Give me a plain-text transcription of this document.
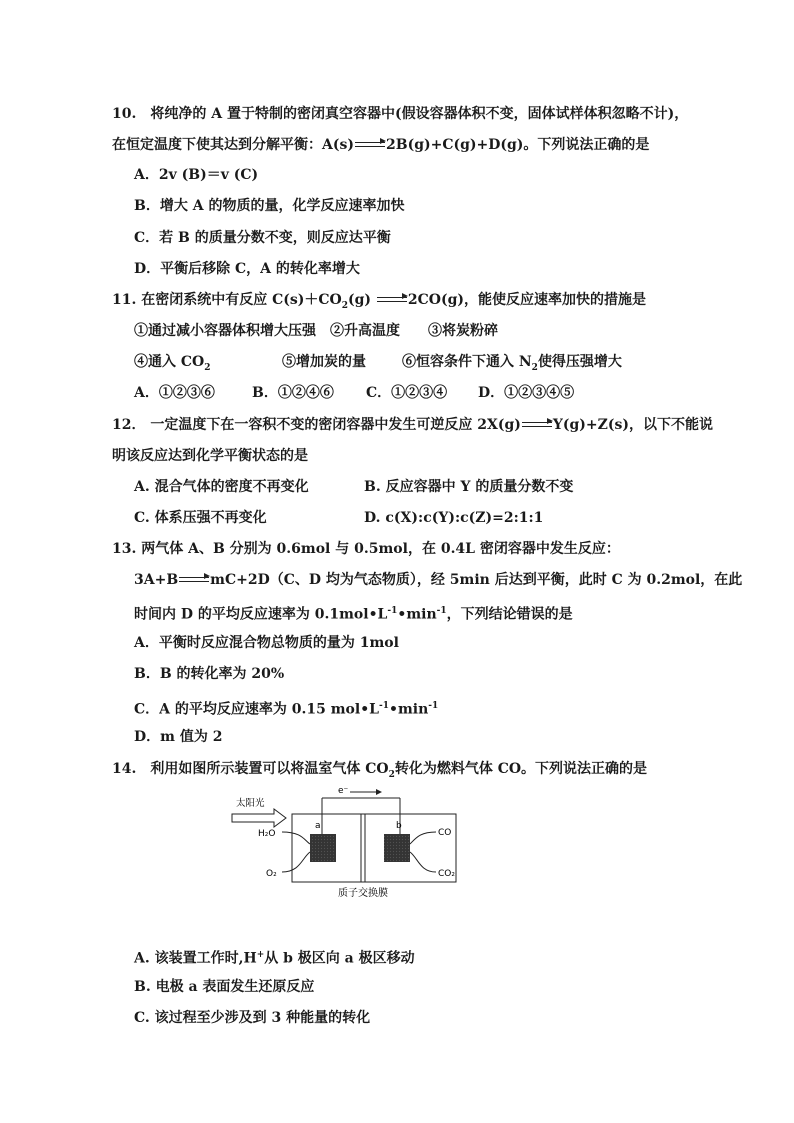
10.　将纯净的 A 置于特制的密闭真空容器中(假设容器体积不变，固体试样体积忽略不计)，
在恒定温度下使其达到分解平衡：A(s) 2B(g)+C(g)+D(g)。下列说法正确的是
A．2v (B)＝v (C)
B．增大 A 的物质的量，化学反应速率加快
C．若 B 的质量分数不变，则反应达平衡
D．平衡后移除 C，A 的转化率增大
11. 在密闭系统中有反应 $C(s)+CO_2(g)$
2CO(g)，能使反应速率加快的措施是
①通过减小容器体积增大压强　②升高温度　　③将炭粉碎
④通入 $CO_2$	⑤增加炭的量	⑥恒容条件下通入 $N_2$使得压强增大
A．①②③⑥	B．①②④⑥ C．①②③④ D．①②③④⑤
12． 一定温度下在一容积不变的密闭容器中发生可逆反应 2X(g) Y(g)+Z(s)，以下不能说
明该反应达到化学平衡状态的是
A. 混合气体的密度不再变化	B. 反应容器中 Y 的质量分数不变
C. 体系压强不再变化	D. c(X):c(Y):c(Z)=2:1:1
13. 两气体 A、B 分别为 0.6mol 与 0.5mol，在 0.4L 密闭容器中发生反应：
3A+B mC+2D（C、D 均为气态物质），经 5min 后达到平衡，此时 C 为 0.2mol，在此
时间内 D 的平均反应速率为 $0.1mol•L^{-1}•\min^{-1}$，下列结论错误的是
A．平衡时反应混合物总物质的量为 1mol
B．B 的转化率为 20%
C．A 的平均反应速率为 0.15 $mol•L^{-1}•\min^{-1}$
D．m 值为 2
14.　利用如图所示装置可以将温室气体 $CO_2$转化为燃料气体 CO。下列说法正确的是
e⁻
a	b
太阳光
H₂O
O₂
CO
CO₂
质子交换膜
A. 该装置工作时,H+从 b 极区向 a 极区移动
B. 电极 a 表面发生还原反应
C. 该过程至少涉及到 3 种能量的转化
